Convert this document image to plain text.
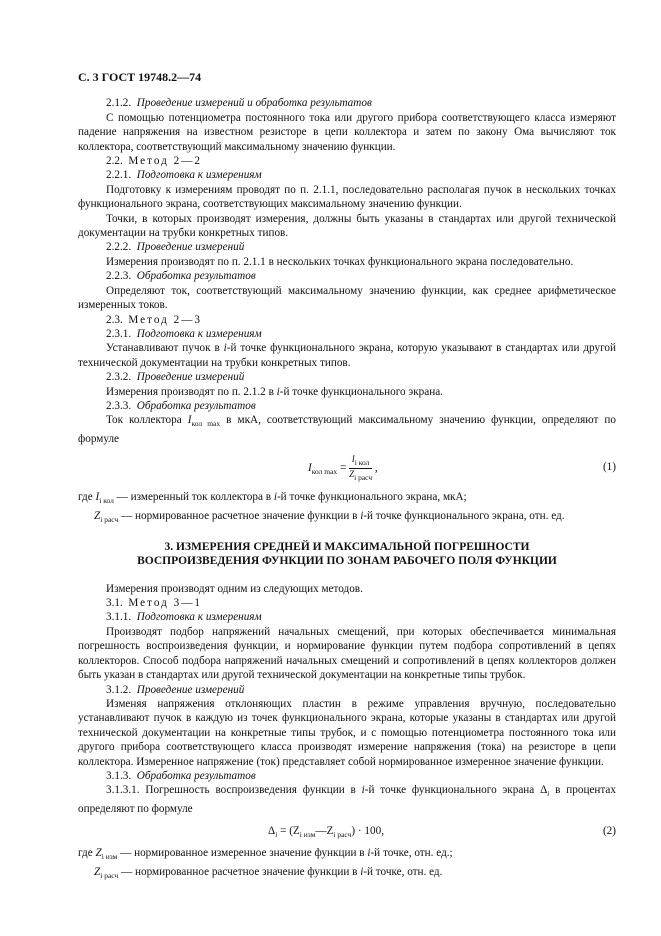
С. 3 ГОСТ 19748.2—74

2.1.2. Проведение измерений и обработка результатов

С помощью потенциометра постоянного тока или другого прибора соответствующего класса измеряют падение напряжения на известном резисторе в цепи коллектора и затем по закону Ома вычисляют ток коллектора, соответствующий максимальному значению функции.

2.2. Метод 2—2

2.2.1. Подготовка к измерениям

Подготовку к измерениям проводят по п. 2.1.1, последовательно располагая пучок в нескольких точках функционального экрана, соответствующих максимальному значению функции.

Точки, в которых производят измерения, должны быть указаны в стандартах или другой технической документации на трубки конкретных типов.

2.2.2. Проведение измерений

Измерения производят по п. 2.1.1 в нескольких точках функционального экрана последовательно.

2.2.3. Обработка результатов

Определяют ток, соответствующий максимальному значению функции, как среднее арифметическое измеренных токов.

2.3. Метод 2—3

2.3.1. Подготовка к измерениям

Устанавливают пучок в i-й точке функционального экрана, которую указывают в стандартах или другой технической документации на трубки конкретных типов.

2.3.2. Проведение измерений

Измерения производят по п. 2.1.2 в i-й точке функционального экрана.

2.3.3. Обработка результатов

Ток коллектора $I_{кол max}$ в мкА, соответствующий максимальному значению функции, определяют по формуле

$I_{кол max} = \frac{I_{i кол}}{Z_{i расч}}$ ,	(1)

где $I_{i кол}$ — измеренный ток коллектора в i-й точке функционального экрана, мкА;

$Z_{i расч}$ — нормированное расчетное значение функции в i-й точке функционального экрана, отн. ед.

3. ИЗМЕРЕНИЯ СРЕДНЕЙ И МАКСИМАЛЬНОЙ ПОГРЕШНОСТИ
ВОСПРОИЗВЕДЕНИЯ ФУНКЦИИ ПО ЗОНАМ РАБОЧЕГО ПОЛЯ ФУНКЦИИ

Измерения производят одним из следующих методов.

3.1. Метод 3—1

3.1.1. Подготовка к измерениям

Производят подбор напряжений начальных смещений, при которых обеспечивается минимальная погрешность воспроизведения функции, и нормирование функции путем подбора сопротивлений в цепях коллекторов. Способ подбора напряжений начальных смещений и сопротивлений в цепях коллекторов должен быть указан в стандартах или другой технической документации на конкретные типы трубок.

3.1.2. Проведение измерений

Изменяя напряжения отклоняющих пластин в режиме управления вручную, последовательно устанавливают пучок в каждую из точек функционального экрана, которые указаны в стандартах или другой технической документации на конкретные типы трубок, и с помощью потенциометра постоянного тока или другого прибора соответствующего класса производят измерение напряжения (тока) на резисторе в цепи коллектора. Измеренное напряжение (ток) представляет собой нормированное измеренное значение функции.

3.1.3. Обработка результатов

3.1.3.1. Погрешность воспроизведения функции в i-й точке функционального экрана $\Delta_i$ в процентах определяют по формуле

$\Delta_i$ = $(Z_{i изм}—Z_{i расч}) \cdot 100$,	(2)

где $Z_{i изм}$ — нормированное измеренное значение функции в i-й точке, отн. ед.;

$Z_{i расч}$ — нормированное расчетное значение функции в i-й точке, отн. ед.
